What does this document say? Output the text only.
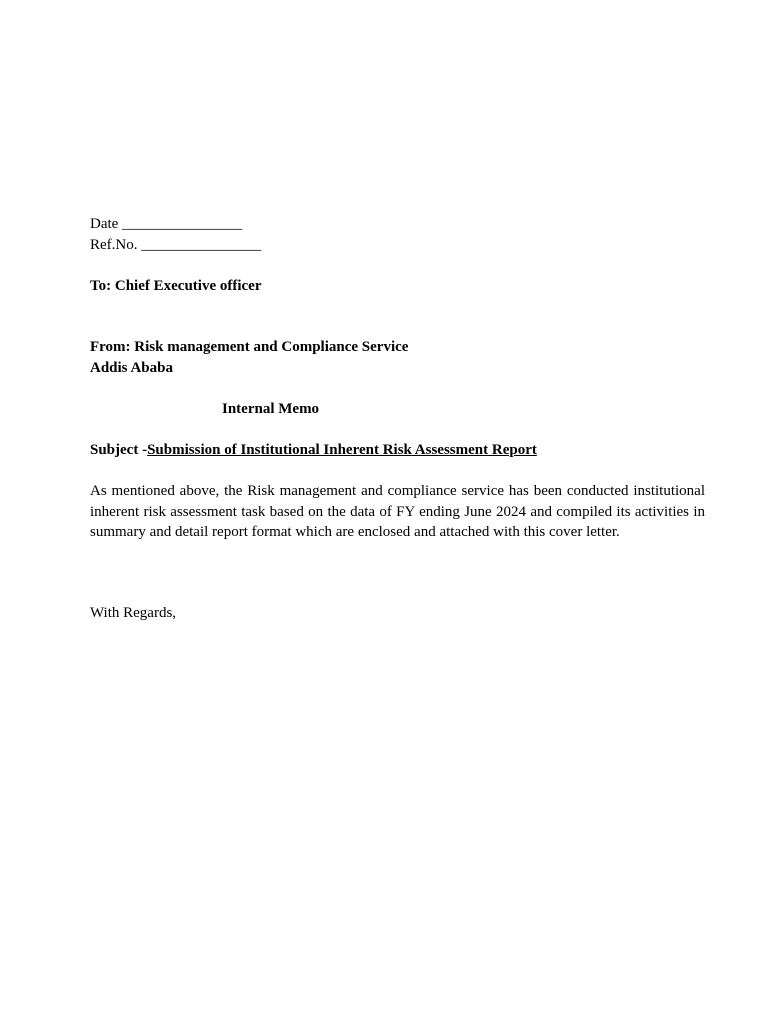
Date ________________
Ref.No. ________________
To: Chief Executive officer
From: Risk management and Compliance Service
Addis Ababa
Internal Memo
Subject -Submission of Institutional Inherent Risk Assessment Report
As mentioned above, the Risk management and compliance service has been conducted institutional inherent risk assessment task based on the data of FY ending June 2024 and compiled its activities in summary and detail report format which are enclosed and attached with this cover letter.
With Regards,
